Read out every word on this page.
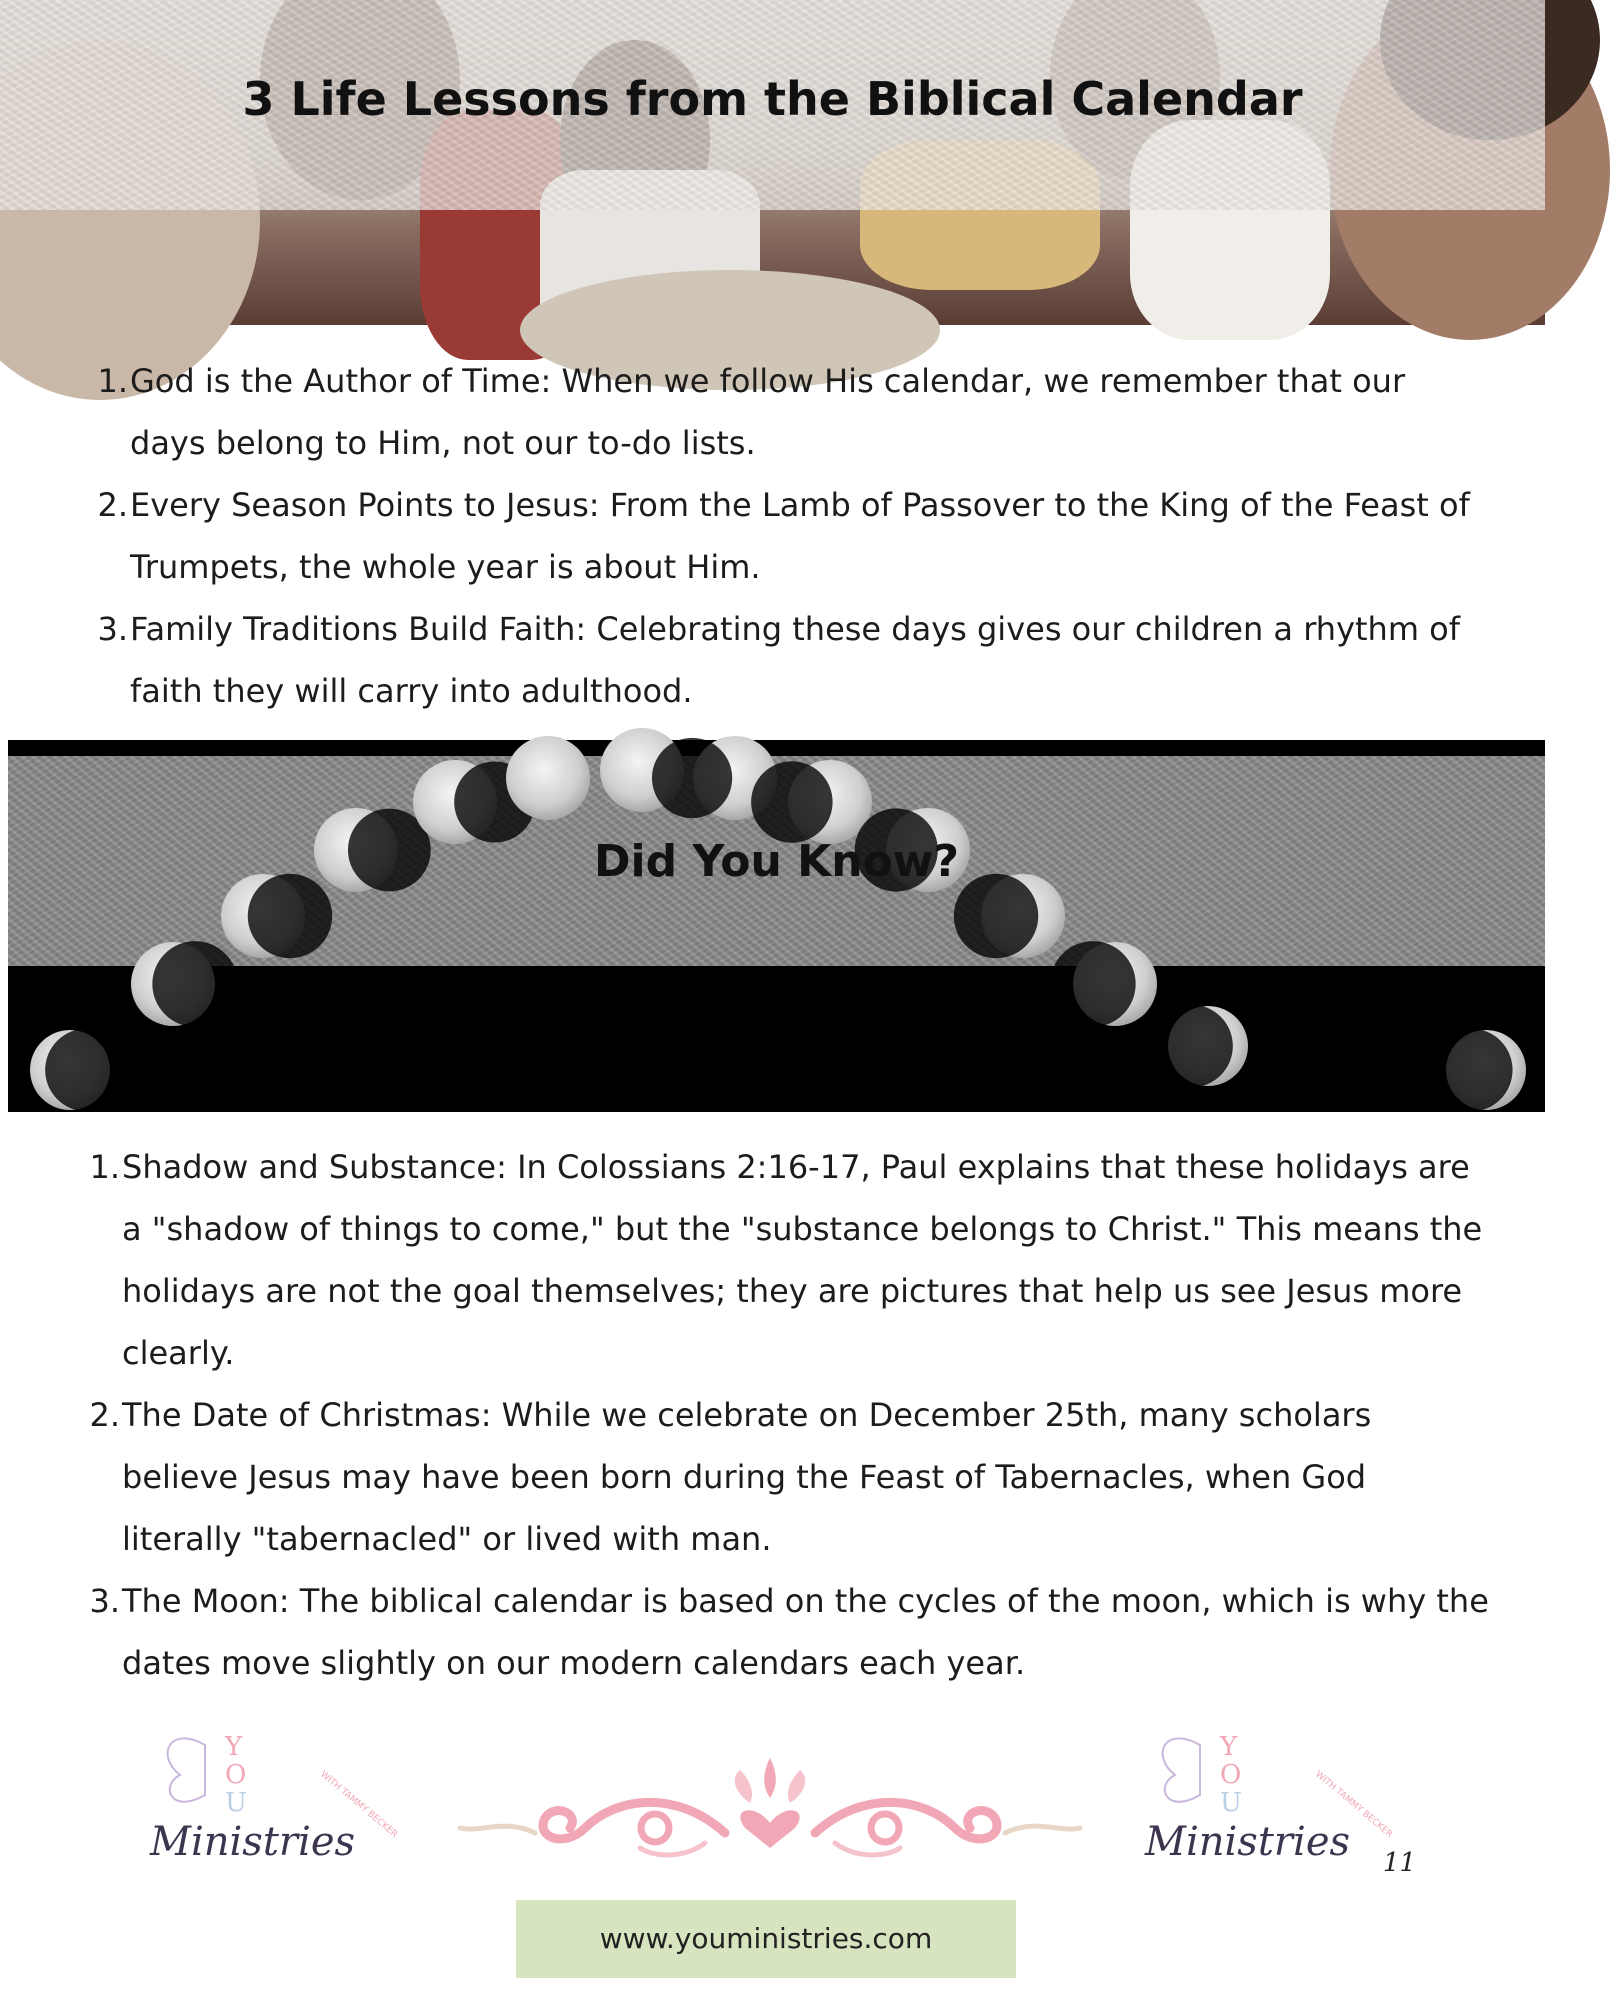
3 Life Lessons from the Biblical Calendar
1. God is the Author of Time: When we follow His calendar, we remember that our days belong to Him, not our to-do lists.
2. Every Season Points to Jesus: From the Lamb of Passover to the King of the Feast of Trumpets, the whole year is about Him.
3. Family Traditions Build Faith: Celebrating these days gives our children a rhythm of faith they will carry into adulthood.
Did You Know?
1. Shadow and Substance: In Colossians 2:16-17, Paul explains that these holidays are a "shadow of things to come," but the "substance belongs to Christ." This means the holidays are not the goal themselves; they are pictures that help us see Jesus more clearly.
2. The Date of Christmas: While we celebrate on December 25th, many scholars believe Jesus may have been born during the Feast of Tabernacles, when God literally "tabernacled" or lived with man.
3. The Moon: The biblical calendar is based on the cycles of the moon, which is why the dates move slightly on our modern calendars each year.
Y
O
U
Ministries
WITH TAMMY BECKER
Y
O
U
Ministries
WITH TAMMY BECKER
11
www.youministries.com
